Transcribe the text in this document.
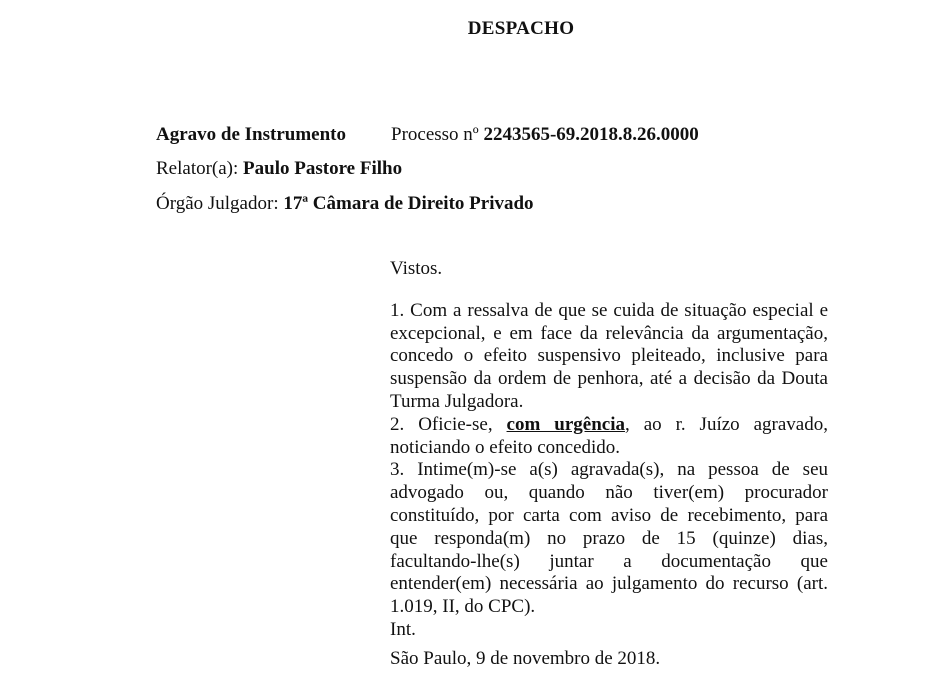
DESPACHO
Agravo de Instrumento Processo nº 2243565-69.2018.8.26.0000
Relator(a): Paulo Pastore Filho
Órgão Julgador: 17ª Câmara de Direito Privado

Vistos.

1. Com a ressalva de que se cuida de situação especial e excepcional, e em face da relevância da argumentação, concedo o efeito suspensivo pleiteado, inclusive para suspensão da ordem de penhora, até a decisão da Douta Turma Julgadora.

2. Oficie-se, com urgência, ao r. Juízo agravado, noticiando o efeito concedido.

3. Intime(m)-se a(s) agravada(s), na pessoa de seu advogado ou, quando não tiver(em) procurador constituído, por carta com aviso de recebimento, para que responda(m) no prazo de 15 (quinze) dias, facultando-lhe(s) juntar a documentação que entender(em) necessária ao julgamento do recurso (art. 1.019, II, do CPC).

Int.

São Paulo, 9 de novembro de 2018.
